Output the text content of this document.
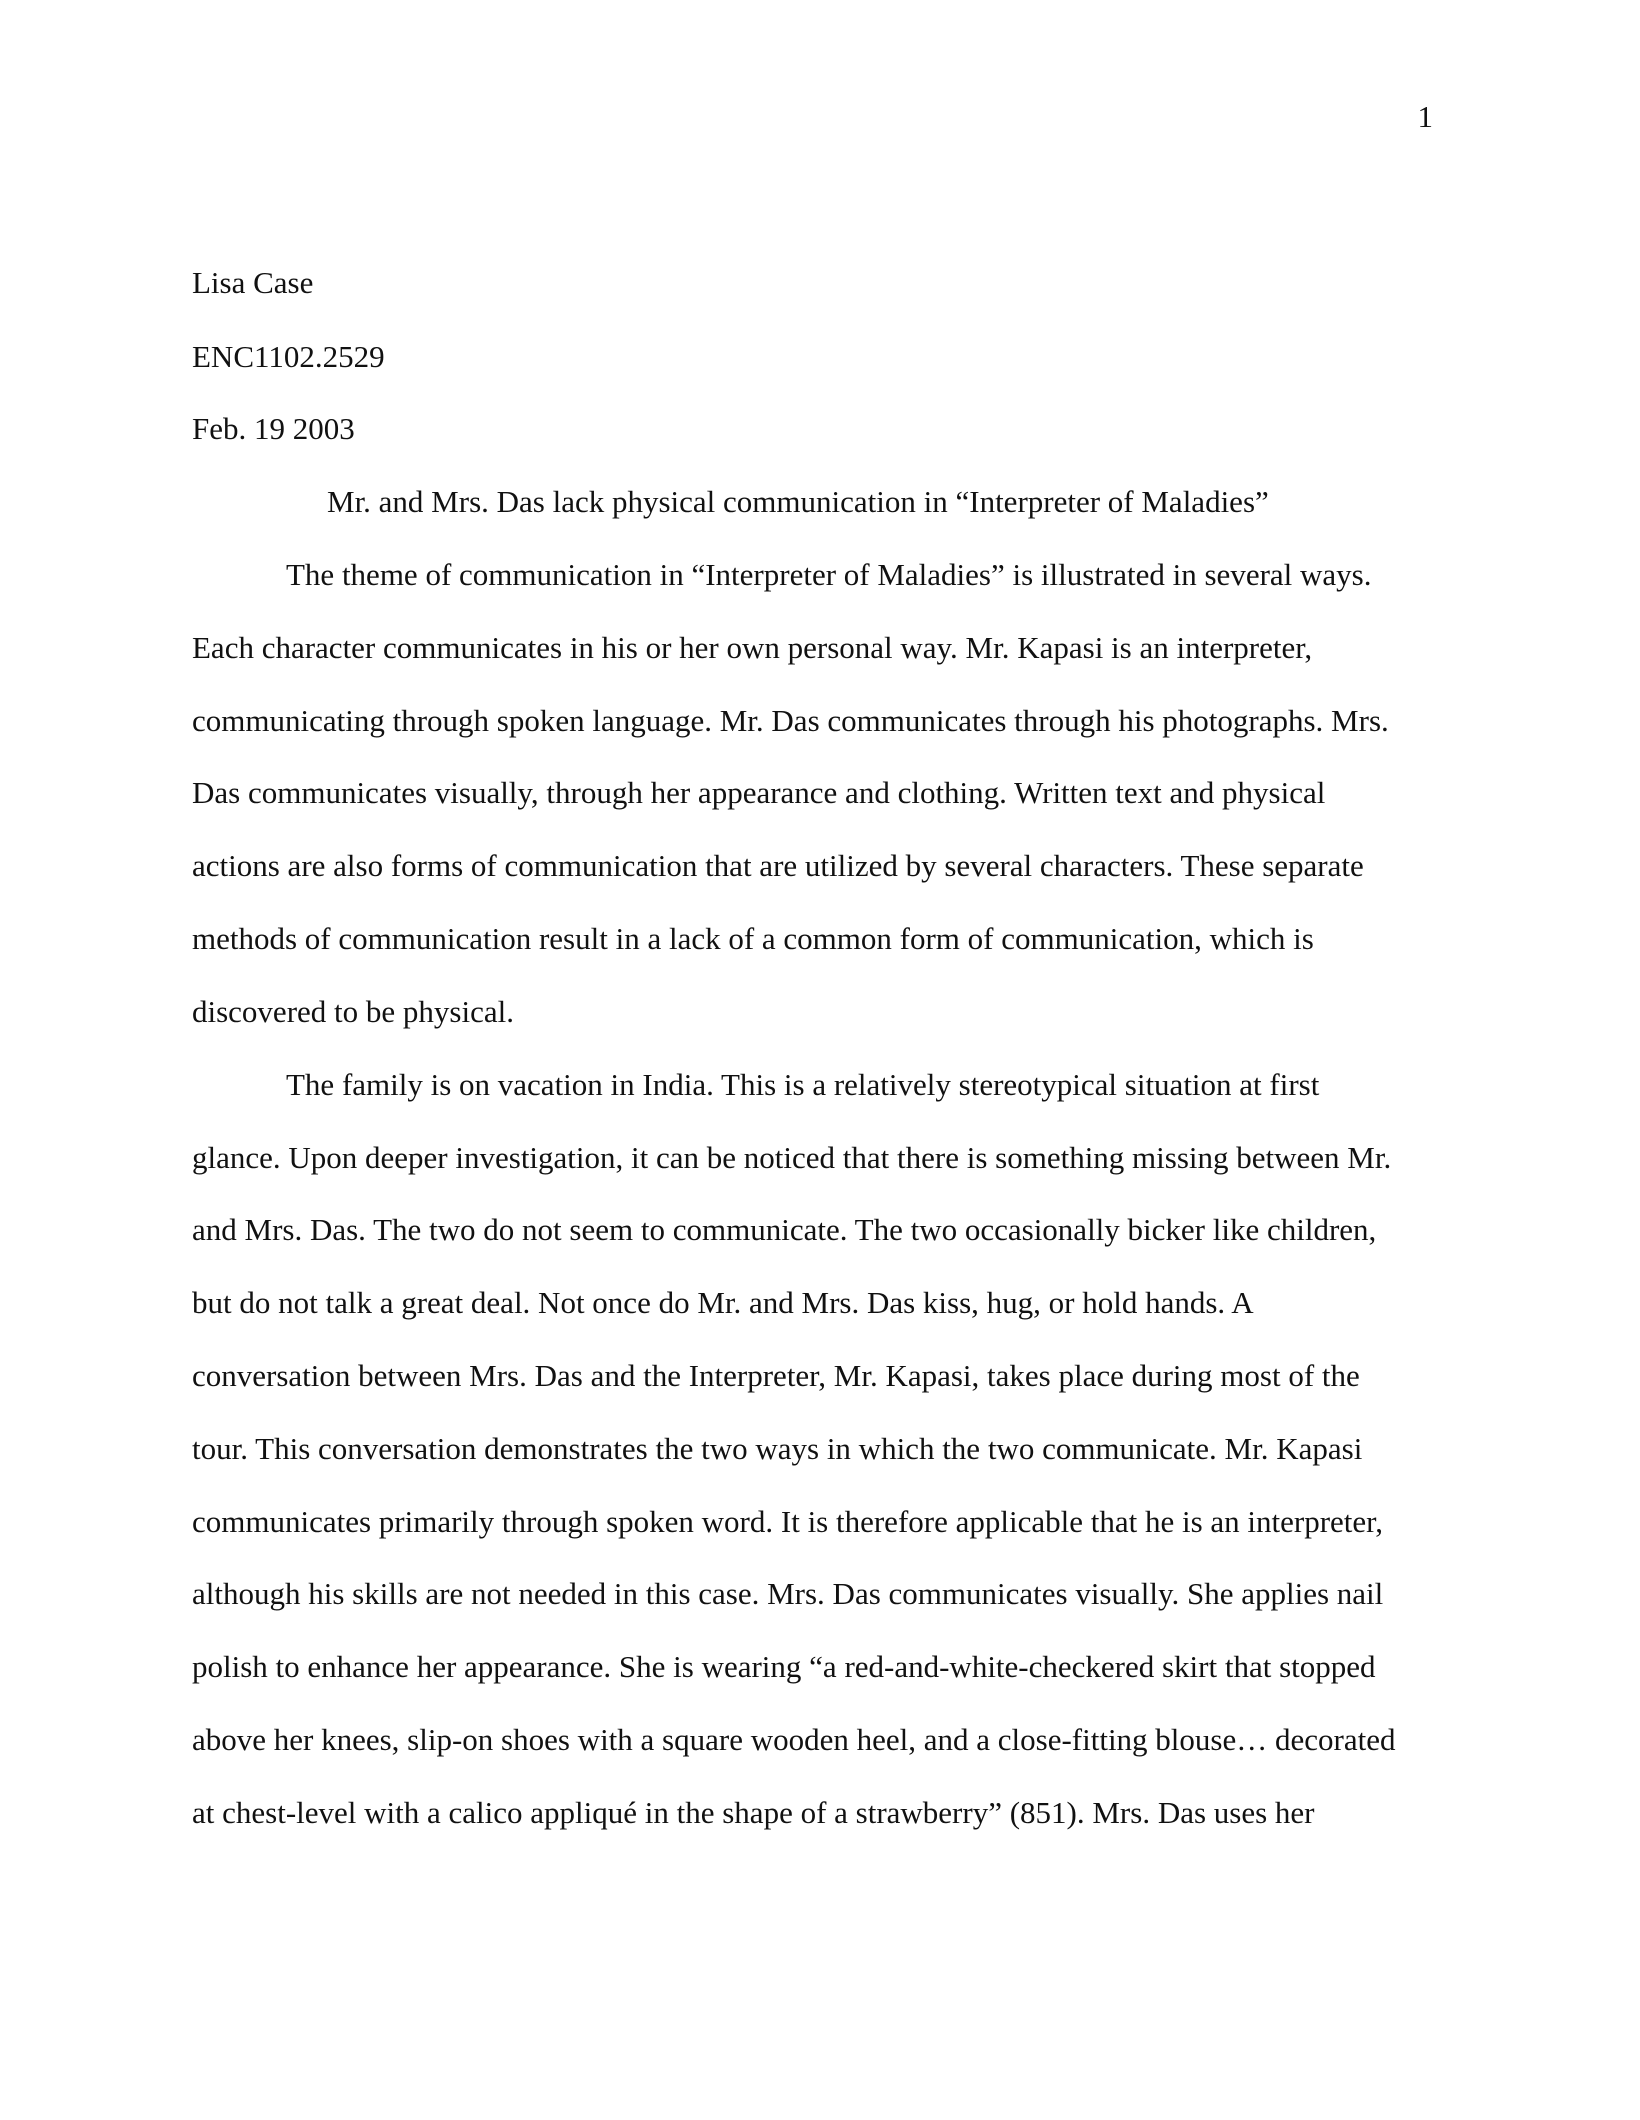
1
Lisa Case
ENC1102.2529
Feb. 19 2003
Mr. and Mrs. Das lack physical communication in “Interpreter of Maladies”
The theme of communication in “Interpreter of Maladies” is illustrated in several ways.
Each character communicates in his or her own personal way. Mr. Kapasi is an interpreter,
communicating through spoken language. Mr. Das communicates through his photographs. Mrs.
Das communicates visually, through her appearance and clothing. Written text and physical
actions are also forms of communication that are utilized by several characters. These separate
methods of communication result in a lack of a common form of communication, which is
discovered to be physical.
The family is on vacation in India. This is a relatively stereotypical situation at first
glance. Upon deeper investigation, it can be noticed that there is something missing between Mr.
and Mrs. Das. The two do not seem to communicate. The two occasionally bicker like children,
but do not talk a great deal. Not once do Mr. and Mrs. Das kiss, hug, or hold hands. A
conversation between Mrs. Das and the Interpreter, Mr. Kapasi, takes place during most of the
tour. This conversation demonstrates the two ways in which the two communicate. Mr. Kapasi
communicates primarily through spoken word. It is therefore applicable that he is an interpreter,
although his skills are not needed in this case. Mrs. Das communicates visually. She applies nail
polish to enhance her appearance. She is wearing “a red-and-white-checkered skirt that stopped
above her knees, slip-on shoes with a square wooden heel, and a close-fitting blouse… decorated
at chest-level with a calico appliqué in the shape of a strawberry” (851). Mrs. Das uses her
